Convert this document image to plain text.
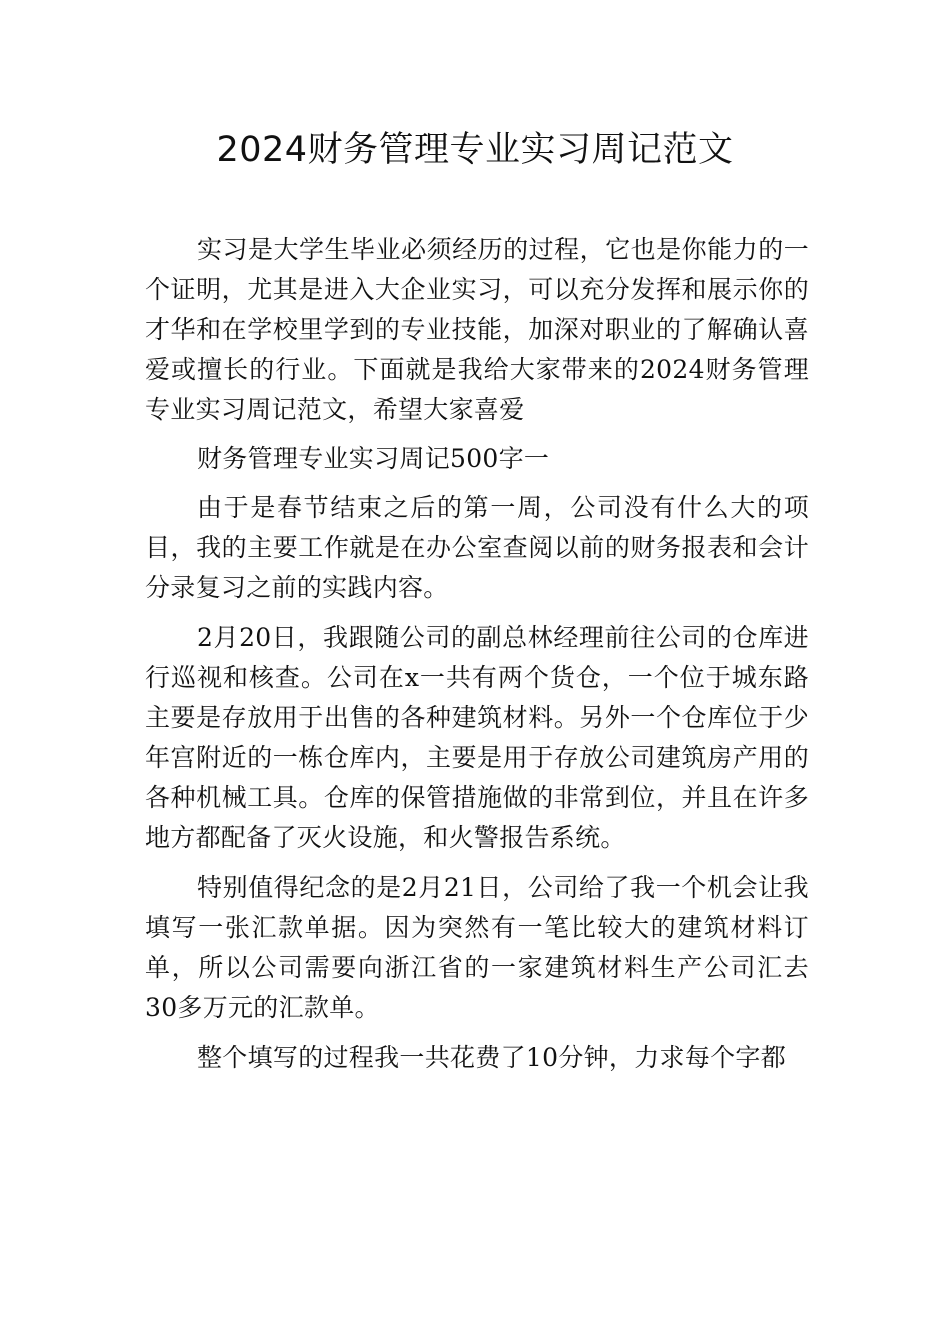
2024财务管理专业实习周记范文

实习是大学生毕业必须经历的过程，它也是你能力的一个证明，尤其是进入大企业实习，可以充分发挥和展示你的才华和在学校里学到的专业技能，加深对职业的了解确认喜爱或擅长的行业。下面就是我给大家带来的2024财务管理专业实习周记范文，希望大家喜爱

财务管理专业实习周记500字一

由于是春节结束之后的第一周，公司没有什么大的项目，我的主要工作就是在办公室查阅以前的财务报表和会计分录复习之前的实践内容。

2月20日，我跟随公司的副总林经理前往公司的仓库进行巡视和核查。公司在x一共有两个货仓，一个位于城东路主要是存放用于出售的各种建筑材料。另外一个仓库位于少年宫附近的一栋仓库内，主要是用于存放公司建筑房产用的各种机械工具。仓库的保管措施做的非常到位，并且在许多地方都配备了灭火设施，和火警报告系统。

特别值得纪念的是2月21日，公司给了我一个机会让我填写一张汇款单据。因为突然有一笔比较大的建筑材料订单，所以公司需要向浙江省的一家建筑材料生产公司汇去30多万元的汇款单。

整个填写的过程我一共花费了10分钟，力求每个字都
